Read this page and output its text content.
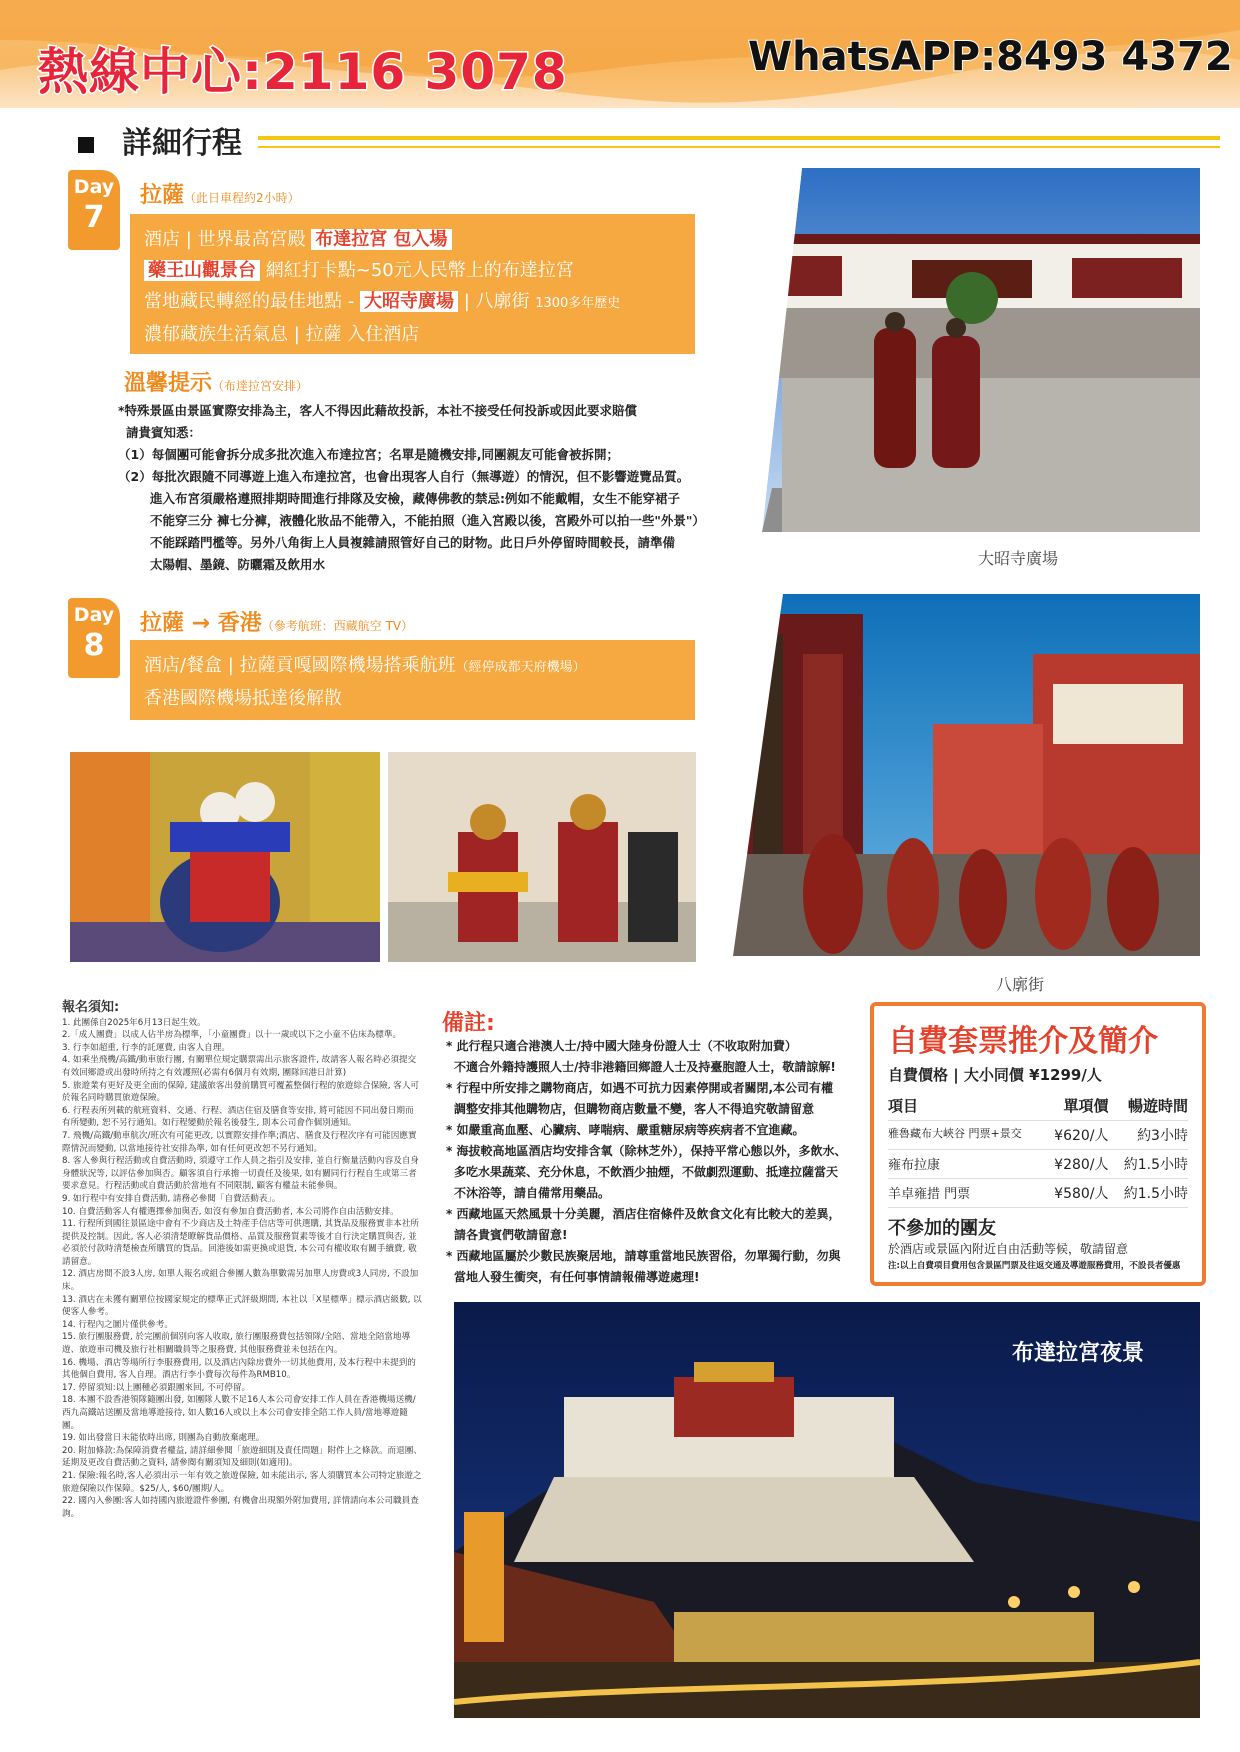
熱線中心:2116 3078	WhatsAPP:8493 4372
詳細行程
Day
7
拉薩（此日車程約2小時）
酒店 | 世界最高宮殿 布達拉宮 包入場
藥王山觀景台 網紅打卡點~50元人民幣上的布達拉宮
當地藏民轉經的最佳地點 - 大昭寺廣場 | 八廓街 1300多年歷史
濃郁藏族生活氣息 | 拉薩 入住酒店
溫馨提示（布達拉宮安排）
*特殊景區由景區實際安排為主，客人不得因此藉故投訴，本社不接受任何投訴或因此要求賠償
請貴賓知悉：
（1）每個團可能會拆分成多批次進入布達拉宮；名單是隨機安排,同團親友可能會被拆開；
（2）每批次跟隨不同導遊上進入布達拉宮，也會出現客人自行（無導遊）的情況，但不影響遊覽品質。
進入布宮須嚴格遵照排期時間進行排隊及安檢，藏傳佛教的禁忌:例如不能戴帽，女生不能穿裙子
不能穿三分 褲七分褲，液體化妝品不能帶入，不能拍照（進入宮殿以後，宮殿外可以拍一些"外景"）
不能踩踏門檻等。另外八角街上人員複雜請照管好自己的財物。此日戶外停留時間較長，請準備
太陽帽、墨鏡、防曬霜及飲用水	大昭寺廣場
Day
8
拉薩 → 香港（參考航班：西藏航空 TV）
酒店/餐盒 | 拉薩貢嘎國際機場搭乘航班（經停成都天府機場）
香港國際機場抵達後解散
八廓街
報名須知:

1. 此團係自2025年6月13日起生效。

2.「成人團費」以成人佔半房為標準，「小童團費」以十一歲或以下之小童不佔床為標準。

3. 行李如超重, 行李的託運費, 由客人自理。

4. 如乘坐飛機/高鐵/動車旅行團, 有關單位規定購票需出示旅客證件, 故請客人報名時必須提交有效回鄉證或出發時所持之有效護照(必需有6個月有效期, 團隊回港日計算)

5. 旅遊業有更好及更全面的保障, 建議旅客出發前購買可覆蓋整個行程的旅遊綜合保險, 客人可於報名同時購買旅遊保險。

6. 行程表所列載的航班資料、交通、行程、酒店住宿及膳食等安排, 將可能因不同出發日期而有所變動, 恕不另行通知。如行程變動於報名後發生, 則本公司會作個別通知。

7. 飛機/高鐵/動車航次/班次有可能更改, 以實際安排作準;酒店、膳食及行程次序有可能因應實際情況而變動, 以當地接待社安排為準, 如有任何更改恕不另行通知。

8. 客人參與行程活動或自費活動時, 須遵守工作人員之指引及安排, 並自行衡量活動內容及自身身體狀況等, 以評估參加與否。顧客須自行承擔一切責任及後果, 如有關同行行程自生或第三者要求意見。行程活動或自費活動於當地有不同限制, 顧客有權益未能參與。

9. 如行程中有安排自費活動, 請務必參閱「自費活動表」。

10. 自費活動客人有權選擇參加與否, 如沒有參加自費活動者, 本公司將作自由活動安排。

11. 行程所到國往景區途中會有不少商店及土特產手信店等可供選購, 其貨品及服務實非本社所提供及控制。因此, 客人必須清楚瞭解貨品價格、品質及服務質素等後才自行決定購買與否, 並必須於付款時清楚檢查所購買的貨品。回港後如需更換或退貨, 本公司有權收取有關手續費, 敬請留意。

12. 酒店房間不設3人房, 如單人報名或組合參團人數為單數需另加單人房費或3人同房, 不設加床。

13. 酒店在未獲有關單位按國家規定的標準正式評級期間, 本社以「X星標準」標示酒店級數, 以便客人參考。

14. 行程內之圖片僅供參考。

15. 旅行團服務費, 於完團前個別向客人收取, 旅行團服務費包括領隊/全陪、當地全陪當地導遊、旅遊車司機及旅行社相關職員等之服務費, 其他服務費並未包括在內。

16. 機場、酒店等場所行李服務費用, 以及酒店內除房費外一切其他費用, 及本行程中未提到的其他個自費用, 客人自理。酒店行李小費每次每件為RMB10。

17. 停留須知:以上團種必須跟團來回, 不可停留。

18. 本團不設香港領隊隨團出發, 如團隊人數不足16人本公司會安排工作人員在香港機場送機/西九高鐵站送團及當地導遊接待, 如人數16人或以上本公司會安排全陪工作人員/當地導遊隨團。

19. 如出發當日未能依時出席, 則團為自動放棄處理。

20. 附加條款:為保障消費者權益, 請詳細參閱「旅遊細則及責任問題」附件上之條款。而退團、延期及更改自費活動之資料, 請參閱有關須知及細則(如適用)。

21. 保險:報名時,客人必須出示一年有效之旅遊保險, 如未能出示, 客人須購買本公司特定旅遊之旅遊保險以作保障。$25/人, $60/團期/人。

22. 國內入參團:客人如持國內旅遊證件參團, 有機會出現額外附加費用, 詳情請向本公司職員查詢。

備註:
* 此行程只適合港澳人士/持中國大陸身份證人士（不收取附加費）
不適合外籍持護照人士/持非港籍回鄉證人士及持臺胞證人士，敬請諒解!
* 行程中所安排之購物商店，如遇不可抗力因素停開或者關閉,本公司有權
調整安排其他購物店，但購物商店數量不變，客人不得追究敬請留意
* 如嚴重高血壓、心臟病、哮喘病、嚴重糖尿病等疾病者不宜進藏。
* 海拔較高地區酒店均安排含氧（除林芝外），保持平常心態以外，多飲水、
多吃水果蔬菜、充分休息，不飲酒少抽煙，不做劇烈運動、抵達拉薩當天
不沐浴等，請自備常用藥品。
* 西藏地區天然風景十分美麗，酒店住宿條件及飲食文化有比較大的差異，
請各貴賓們敬請留意!
* 西藏地區屬於少數民族聚居地，請尊重當地民族習俗，勿單獨行動，勿與
當地人發生衝突，有任何事情請報備導遊處理!
自費套票推介及簡介
自費價格 | 大小同價 ¥1299/人
項目	單項價	暢遊時間
雅魯藏布大峽谷 門票+景交	¥620/人	約3小時
雍布拉康	¥280/人	約1.5小時
羊卓雍措 門票	¥580/人	約1.5小時
不參加的團友
於酒店或景區內附近自由活動等候，敬請留意
注:以上自費項目費用包含景區門票及往返交通及導遊服務費用，不設長者優惠
布達拉宮夜景
